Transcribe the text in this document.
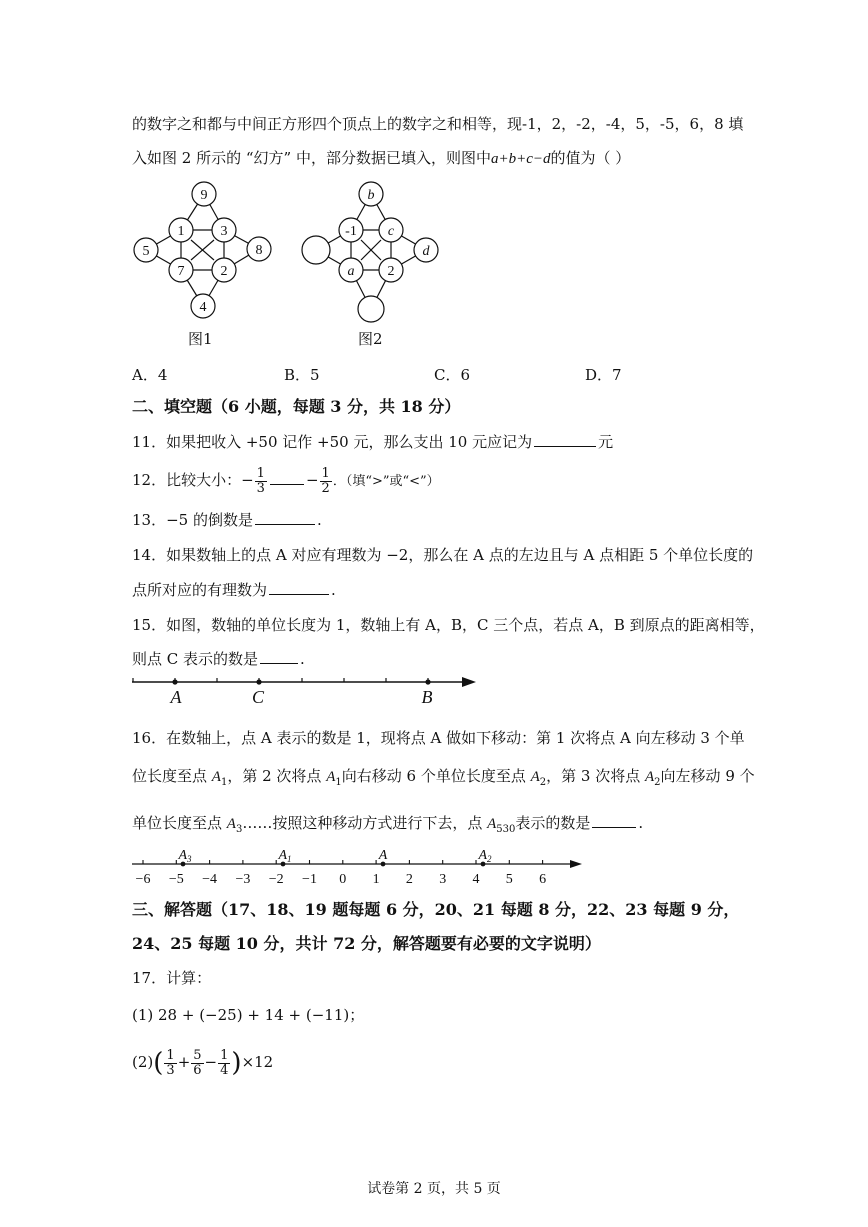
的数字之和都与中间正方形四个顶点上的数字之和相等，现-1，2，-2，-4，5，-5，6，8 填
入如图 2 所示的 “幻方” 中，部分数据已填入，则图中a+b+c−d的值为（ ）
9
5	8
4
1	3
7	2
图1
b
d
-1 c
a 2
图2
A．4	B．5	C．6	D．7
二、填空题（6 小题，每题 3 分，共 18 分）
11．如果把收入 +50 记作 +50 元，那么支出 10 元应记为	元
12．比较大小：− $\frac{1}{3}$	− $\frac{1}{2}$ ．（填“>”或“<”）
13．−5 的倒数是	.
14．如果数轴上的点 A 对应有理数为 −2，那么在 A 点的左边且与 A 点相距 5 个单位长度的
点所对应的有理数为	.
15．如图，数轴的单位长度为 1，数轴上有 A，B，C 三个点，若点 A，B 到原点的距离相等，
则点 C 表示的数是	.
A	C	B
16．在数轴上，点 A 表示的数是 1，现将点 A 做如下移动：第 1 次将点 A 向左移动 3 个单
位长度至点 $A_1$，第 2 次将点 $A_1$向右移动 6 个单位长度至点 $A_2$，第 3 次将点 $A_2$向左移动 9 个
单位长度至点 $A_3\dots\dots$按照这种移动方式进行下去，点 $A_{530}$表示的数是	.
$A_3$	$A_1$	A	$A_2$
−6 −5 −4 −3 −2 −1 0 1 2 3 4 5 6
三、解答题（17、18、19 题每题 6 分，20、21 每题 8 分，22、23 每题 9 分，
24、25 每题 10 分，共计 72 分，解答题要有必要的文字说明）
17．计算：
(1) 28 + (−25) + 14 + (−11)；
$(2)( \frac{1}{3} + \frac{5}{6} - \frac{1}{4} )\times 12$
试卷第 2 页，共 5 页
